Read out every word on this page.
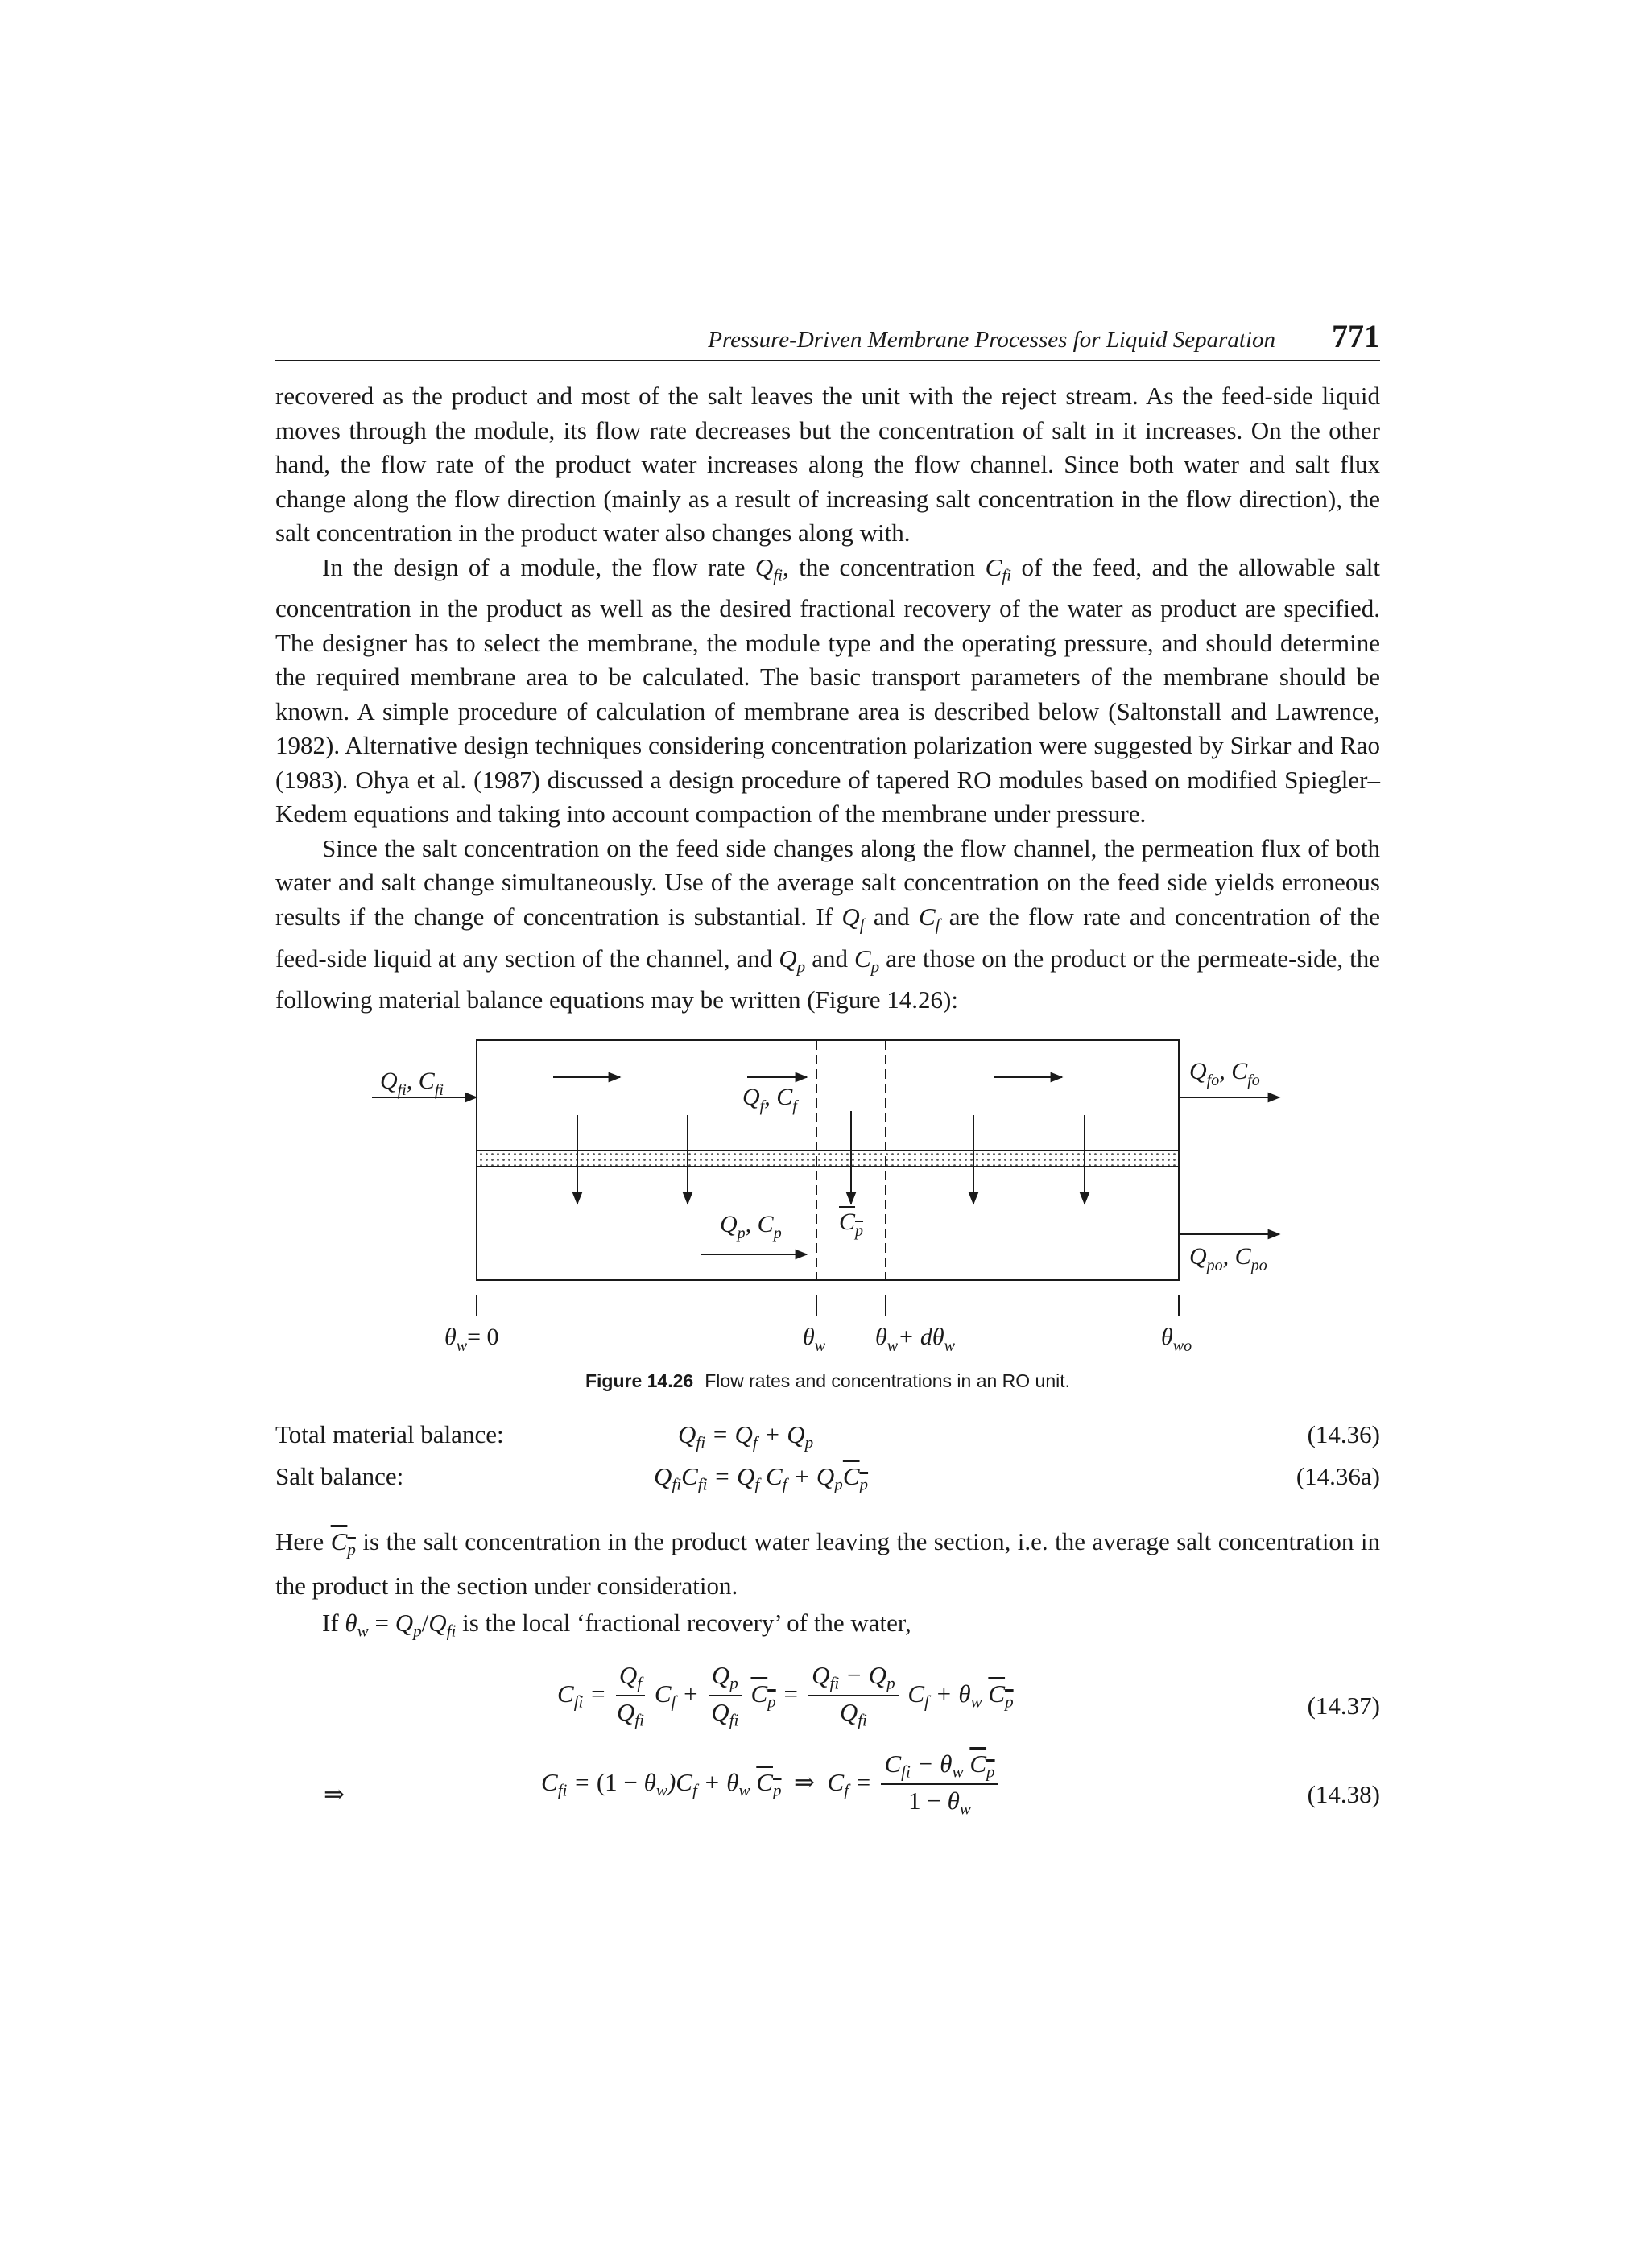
Pressure-Driven Membrane Processes for Liquid Separation 771

recovered as the product and most of the salt leaves the unit with the reject stream. As the feed-side liquid moves through the module, its flow rate decreases but the concentration of salt in it increases. On the other hand, the flow rate of the product water increases along the flow channel. Since both water and salt flux change along the flow direction (mainly as a result of increasing salt concentration in the flow direction), the salt concentration in the product water also changes along with.

In the design of a module, the flow rate $Q_{fi}$, the concentration $C_{fi}$ of the feed, and the allowable salt concentration in the product as well as the desired fractional recovery of the water as product are specified. The designer has to select the membrane, the module type and the operating pressure, and should determine the required membrane area to be calculated. The basic transport parameters of the membrane should be known. A simple procedure of calculation of membrane area is described below (Saltonstall and Lawrence, 1982). Alternative design techniques considering concentration polarization were suggested by Sirkar and Rao (1983). Ohya et al. (1987) discussed a design procedure of tapered RO modules based on modified Spiegler–Kedem equations and taking into account compaction of the membrane under pressure.

Since the salt concentration on the feed side changes along the flow channel, the permeation flux of both water and salt change simultaneously. Use of the average salt concentration on the feed side yields erroneous results if the change of concentration is substantial. If $Q_f$ and $C_f$ are the flow rate and concentration of the feed-side liquid at any section of the channel, and $Q_p$ and $C_p$ are those on the product or the permeate-side, the following material balance equations may be written (Figure 14.26):

$Q_{fi}$, $C_{fi}$	$Q_f$, $C_f$
$Q_{fo}$, $C_{fo}$
$Q_p$, $C_p$ $C_p$
$Q_{po}$, $C_{po}$
$\theta_w= 0$	$\theta_w$ $\theta_w+ d\theta_w$	$\theta_{wo}$
Figure 14.26 Flow rates and concentrations in an RO unit.
Total material balance:	$Q_{fi} = Q_f + Q_p$	(14.36)
Salt balance:	$Q_{fi}C_{fi} = Q_f$ $C_f + Q_pC_p$	(14.36a)

Here $C_p$ is the salt concentration in the product water leaving the section, i.e. the average salt concentration in the product in the section under consideration.

If $\theta_w = Q_p/Q_{fi}$ is the local ‘fractional recovery’ of the water,

$C_{fi} = \frac{Q_f}{Q_{fi}} C_f + \frac{Q_p}{Q_{fi}} C_p = \frac{Q_{fi} - Q_p}{Q_{fi}} C_f + \theta_w$ $C_p$	(14.37)
⇒	$C_{fi} = (1 - \theta_w)C_f + \theta_w$ $C_p$ ⇒ $C_f = \frac{C_{fi} - \theta_w C_p}{1 - \theta_w}$	(14.38)
